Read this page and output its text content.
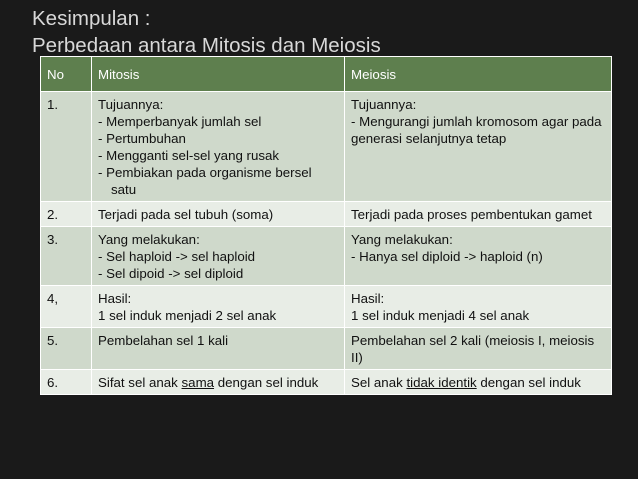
Kesimpulan :
Perbedaan antara Mitosis dan Meiosis
No	Mitosis	Meiosis
1.	Tujuannya:
- Memperbanyak jumlah sel
- Pertumbuhan
- Mengganti sel-sel yang rusak
- Pembiakan pada organisme bersel satu	Tujuannya:
- Mengurangi jumlah kromosom agar pada generasi selanjutnya tetap

2.	Terjadi pada sel tubuh (soma)	Terjadi pada proses pembentukan gamet
3.	Yang melakukan:
- Sel haploid -> sel haploid
- Sel dipoid -> sel diploid	Yang melakukan:
- Hanya sel diploid -> haploid (n)

4,	Hasil:
1 sel induk menjadi 2 sel anak	Hasil:
1 sel induk menjadi 4 sel anak

5.	Pembelahan sel 1 kali	Pembelahan sel 2 kali (meiosis I, meiosis II)
6.	Sifat sel anak sama dengan sel induk	Sel anak tidak identik dengan sel induk
